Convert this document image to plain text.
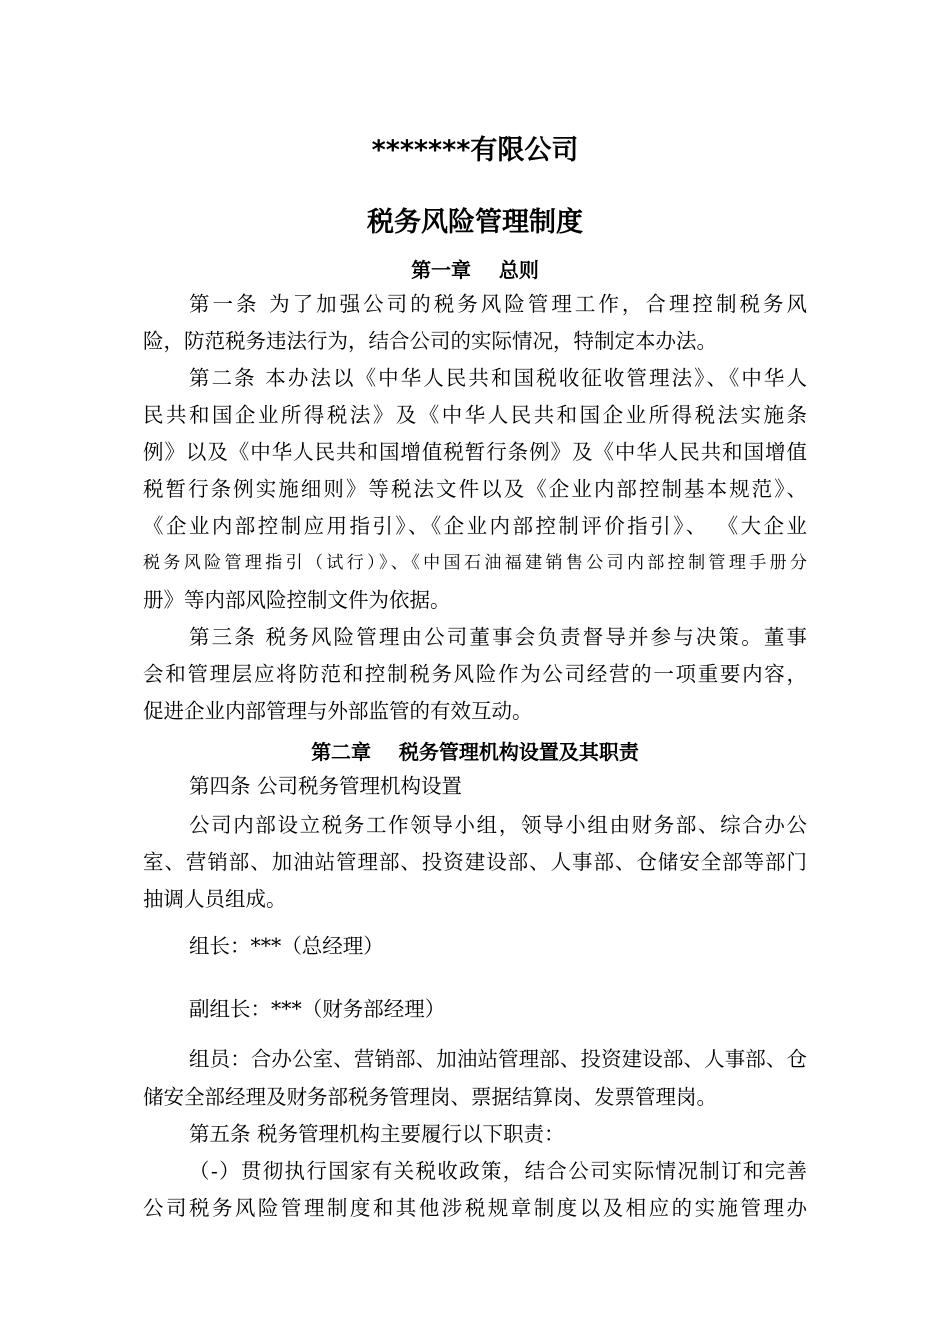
*******有限公司
税务风险管理制度
第一章    总则
第一条 为了加强公司的税务风险管理工作，合理控制税务风
险，防范税务违法行为，结合公司的实际情况，特制定本办法。
第二条 本办法以《中华人民共和国税收征收管理法》、《中华人
民共和国企业所得税法》及《中华人民共和国企业所得税法实施条
例》以及《中华人民共和国增值税暂行条例》及《中华人民共和国增值
税暂行条例实施细则》等税法文件以及《企业内部控制基本规范》、
《企业内部控制应用指引》、《企业内部控制评价指引》、 《大企业
税务风险管理指引（试行）》、《中国石油福建销售公司内部控制管理手册分
册》等内部风险控制文件为依据。
第三条 税务风险管理由公司董事会负责督导并参与决策。董事
会和管理层应将防范和控制税务风险作为公司经营的一项重要内容，
促进企业内部管理与外部监管的有效互动。
第二章    税务管理机构设置及其职责
第四条 公司税务管理机构设置
公司内部设立税务工作领导小组，领导小组由财务部、综合办公
室、营销部、加油站管理部、投资建设部、人事部、仓储安全部等部门
抽调人员组成。
组长：***（总经理）
副组长：***（财务部经理）
组员：合办公室、营销部、加油站管理部、投资建设部、人事部、仓
储安全部经理及财务部税务管理岗、票据结算岗、发票管理岗。
第五条 税务管理机构主要履行以下职责：
（-）贯彻执行国家有关税收政策，结合公司实际情况制订和完善
公司税务风险管理制度和其他涉税规章制度以及相应的实施管理办
